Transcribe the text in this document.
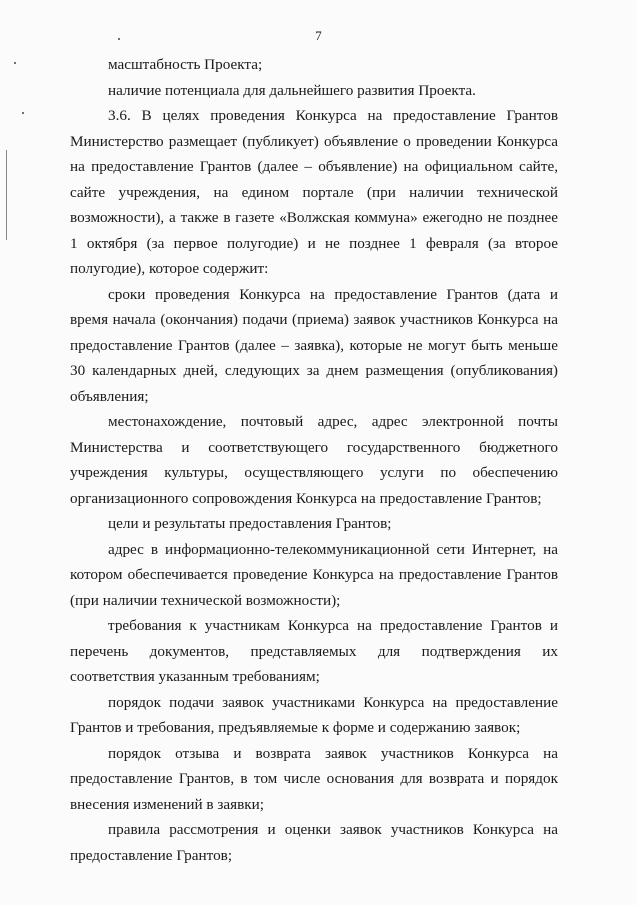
7

масштабность Проекта;

наличие потенциала для дальнейшего развития Проекта.

3.6. В целях проведения Конкурса на предоставление Грантов Министерство размещает (публикует) объявление о проведении Конкурса на предоставление Грантов (далее – объявление) на официальном сайте, сайте учреждения, на едином портале (при наличии технической возможности), а также в газете «Волжская коммуна» ежегодно не позднее 1 октября (за первое полугодие) и не позднее 1 февраля (за второе полугодие), которое содержит:

сроки проведения Конкурса на предоставление Грантов (дата и время начала (окончания) подачи (приема) заявок участников Конкурса на предоставление Грантов (далее – заявка), которые не могут быть меньше 30 календарных дней, следующих за днем размещения (опубликования) объявления;

местонахождение, почтовый адрес, адрес электронной почты Министерства и соответствующего государственного бюджетного учреждения культуры, осуществляющего услуги по обеспечению организационного сопровождения Конкурса на предоставление Грантов;

цели и результаты предоставления Грантов;

адрес в информационно-телекоммуникационной сети Интернет, на котором обеспечивается проведение Конкурса на предоставление Грантов (при наличии технической возможности);

требования к участникам Конкурса на предоставление Грантов и перечень документов, представляемых для подтверждения их соответствия указанным требованиям;

порядок подачи заявок участниками Конкурса на предоставление Грантов и требования, предъявляемые к форме и содержанию заявок;

порядок отзыва и возврата заявок участников Конкурса на предоставление Грантов, в том числе основания для возврата и порядок внесения изменений в заявки;

правила рассмотрения и оценки заявок участников Конкурса на предоставление Грантов;
